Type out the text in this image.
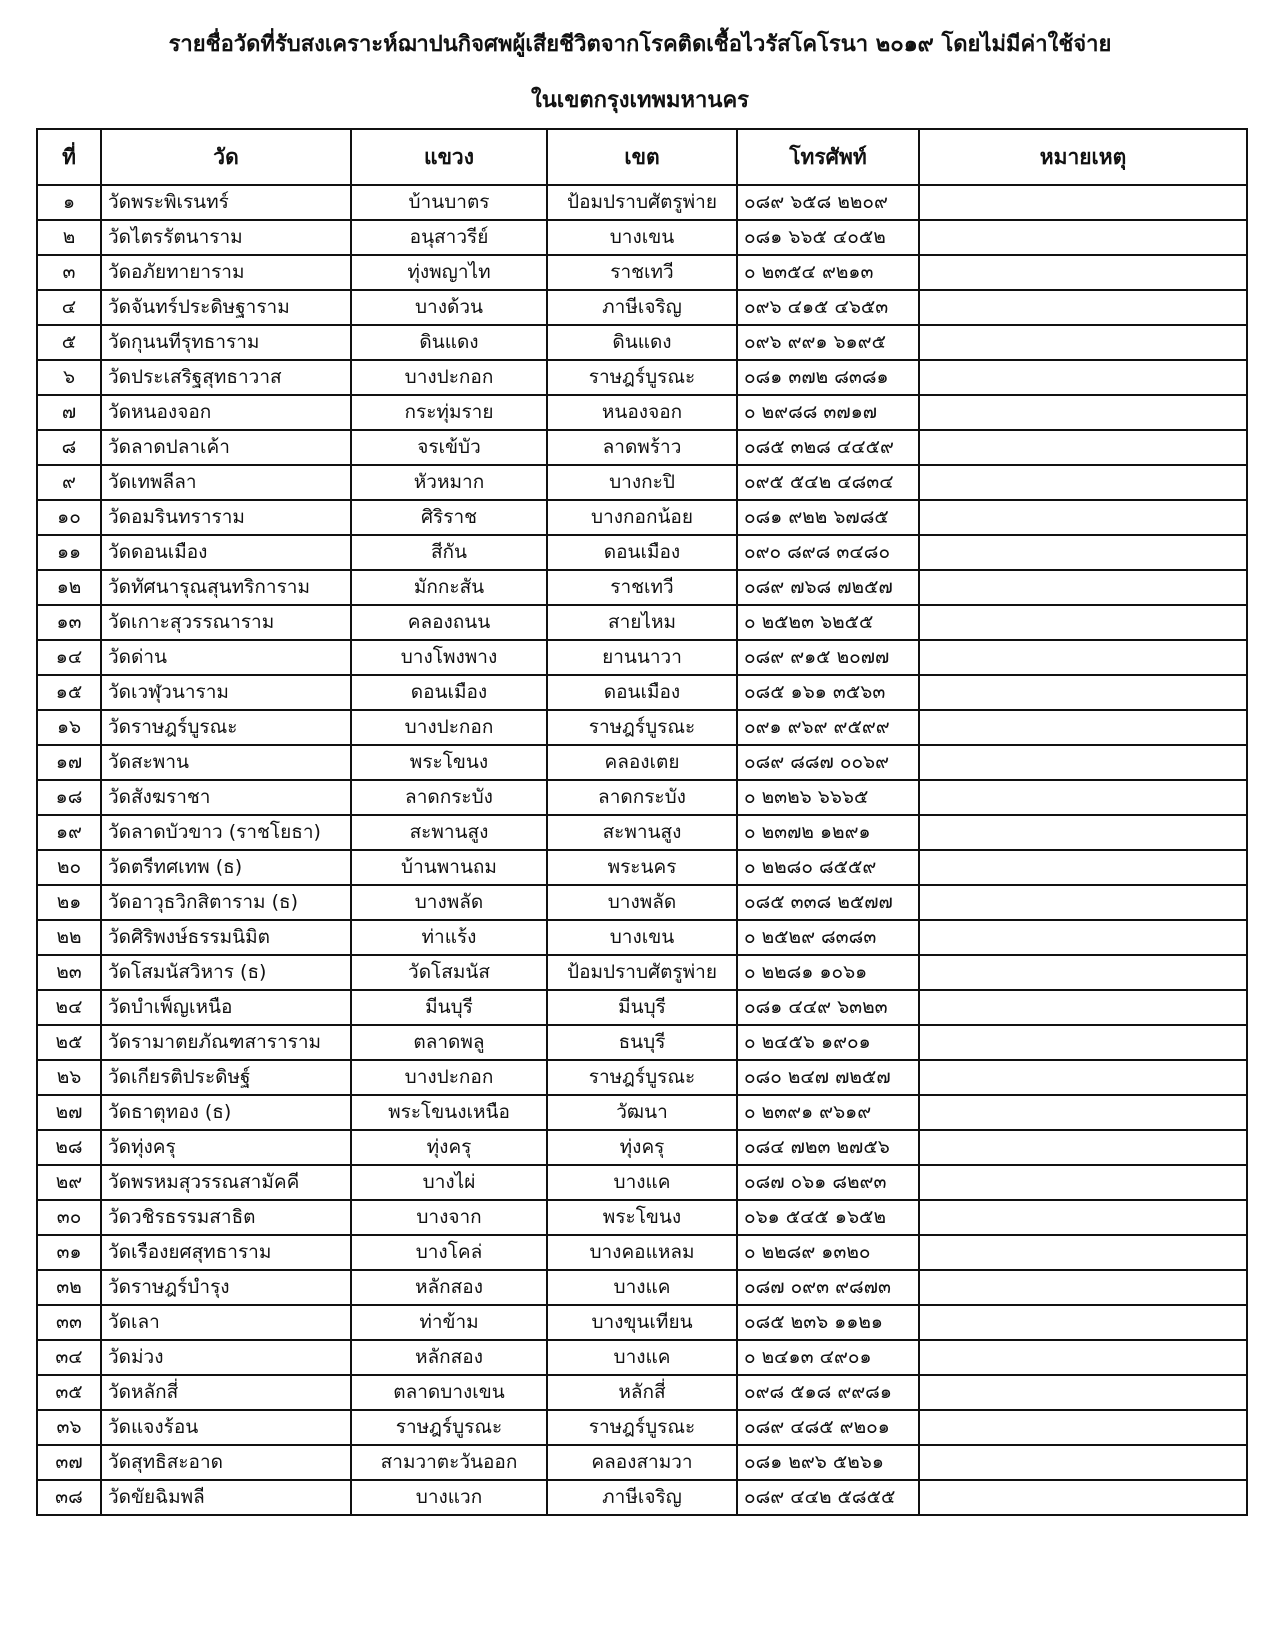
รายชื่อวัดที่รับสงเคราะห์ฌาปนกิจศพผู้เสียชีวิตจากโรคติดเชื้อไวรัสโคโรนา ๒๐๑๙ โดยไม่มีค่าใช้จ่าย
ในเขตกรุงเทพมหานคร
ที่	วัด	แขวง	เขต	โทรศัพท์	หมายเหตุ
๑	วัดพระพิเรนทร์	บ้านบาตร	ป้อมปราบศัตรูพ่าย	๐๘๙ ๖๕๘ ๒๒๐๙	
๒	วัดไตรรัตนาราม	อนุสาวรีย์	บางเขน	๐๘๑ ๖๖๕ ๔๐๕๒	
๓	วัดอภัยทายาราม	ทุ่งพญาไท	ราชเทวี	๐ ๒๓๕๔ ๙๒๑๓	
๔	วัดจันทร์ประดิษฐาราม	บางด้วน	ภาษีเจริญ	๐๙๖ ๔๑๕ ๔๖๕๓	
๕	วัดกุนนทีรุทธาราม	ดินแดง	ดินแดง	๐๙๖ ๙๙๑ ๖๑๙๕	
๖	วัดประเสริฐสุทธาวาส	บางปะกอก	ราษฎร์บูรณะ	๐๘๑ ๓๗๒ ๘๓๘๑	
๗	วัดหนองจอก	กระทุ่มราย	หนองจอก	๐ ๒๙๘๘ ๓๗๑๗	
๘	วัดลาดปลาเค้า	จรเข้บัว	ลาดพร้าว	๐๘๕ ๓๒๘ ๔๔๕๙	
๙	วัดเทพลีลา	หัวหมาก	บางกะปิ	๐๙๕ ๕๔๒ ๔๘๓๔	
๑๐	วัดอมรินทราราม	ศิริราช	บางกอกน้อย	๐๘๑ ๙๒๒ ๖๗๘๕	
๑๑	วัดดอนเมือง	สีกัน	ดอนเมือง	๐๙๐ ๘๙๘ ๓๔๘๐	
๑๒	วัดทัศนารุณสุนทริการาม	มักกะสัน	ราชเทวี	๐๘๙ ๗๖๘ ๗๒๕๗	
๑๓	วัดเกาะสุวรรณาราม	คลองถนน	สายไหม	๐ ๒๕๒๓ ๖๒๕๕	
๑๔	วัดด่าน	บางโพงพาง	ยานนาวา	๐๘๙ ๙๑๕ ๒๐๗๗	
๑๕	วัดเวฬุวนาราม	ดอนเมือง	ดอนเมือง	๐๘๕ ๑๖๑ ๓๕๖๓	
๑๖	วัดราษฎร์บูรณะ	บางปะกอก	ราษฎร์บูรณะ	๐๙๑ ๙๖๙ ๙๕๙๙	
๑๗	วัดสะพาน	พระโขนง	คลองเตย	๐๘๙ ๘๘๗ ๐๐๖๙	
๑๘	วัดสังฆราชา	ลาดกระบัง	ลาดกระบัง	๐ ๒๓๒๖ ๖๖๖๕	
๑๙	วัดลาดบัวขาว (ราชโยธา)	สะพานสูง	สะพานสูง	๐ ๒๓๗๒ ๑๒๙๑	
๒๐	วัดตรีทศเทพ (ธ)	บ้านพานถม	พระนคร	๐ ๒๒๘๐ ๘๕๕๙	
๒๑	วัดอาวุธวิกสิตาราม (ธ)	บางพลัด	บางพลัด	๐๘๕ ๓๓๘ ๒๕๗๗	
๒๒	วัดศิริพงษ์ธรรมนิมิต	ท่าแร้ง	บางเขน	๐ ๒๕๒๙ ๘๓๘๓	
๒๓	วัดโสมนัสวิหาร (ธ)	วัดโสมนัส	ป้อมปราบศัตรูพ่าย	๐ ๒๒๘๑ ๑๐๖๑	
๒๔	วัดบำเพ็ญเหนือ	มีนบุรี	มีนบุรี	๐๘๑ ๔๔๙ ๖๓๒๓	
๒๕	วัดรามาตยภัณฑสาราราม	ตลาดพลู	ธนบุรี	๐ ๒๔๕๖ ๑๙๐๑	
๒๖	วัดเกียรติประดิษฐ์	บางปะกอก	ราษฎร์บูรณะ	๐๘๐ ๒๔๗ ๗๒๕๗	
๒๗	วัดธาตุทอง (ธ)	พระโขนงเหนือ	วัฒนา	๐ ๒๓๙๑ ๙๖๑๙	
๒๘	วัดทุ่งครุ	ทุ่งครุ	ทุ่งครุ	๐๘๔ ๗๒๓ ๒๗๕๖	
๒๙	วัดพรหมสุวรรณสามัคคี	บางไผ่	บางแค	๐๘๗ ๐๖๑ ๘๒๙๓	
๓๐	วัดวชิรธรรมสาธิต	บางจาก	พระโขนง	๐๖๑ ๕๔๕ ๑๖๕๒	
๓๑	วัดเรืองยศสุทธาราม	บางโคล่	บางคอแหลม	๐ ๒๒๘๙ ๑๓๒๐	
๓๒	วัดราษฎร์บำรุง	หลักสอง	บางแค	๐๘๗ ๐๙๓ ๙๘๗๓	
๓๓	วัดเลา	ท่าข้าม	บางขุนเทียน	๐๘๕ ๒๓๖ ๑๑๒๑	
๓๔	วัดม่วง	หลักสอง	บางแค	๐ ๒๔๑๓ ๔๙๐๑	
๓๕	วัดหลักสี่	ตลาดบางเขน	หลักสี่	๐๙๘ ๕๑๘ ๙๙๘๑	
๓๖	วัดแจงร้อน	ราษฎร์บูรณะ	ราษฎร์บูรณะ	๐๘๙ ๔๘๕ ๙๒๐๑	
๓๗	วัดสุทธิสะอาด	สามวาตะวันออก	คลองสามวา	๐๘๑ ๒๙๖ ๕๒๖๑	
๓๘	วัดขัยฉิมพลี	บางแวก	ภาษีเจริญ	๐๘๙ ๔๔๒ ๕๘๕๕	
